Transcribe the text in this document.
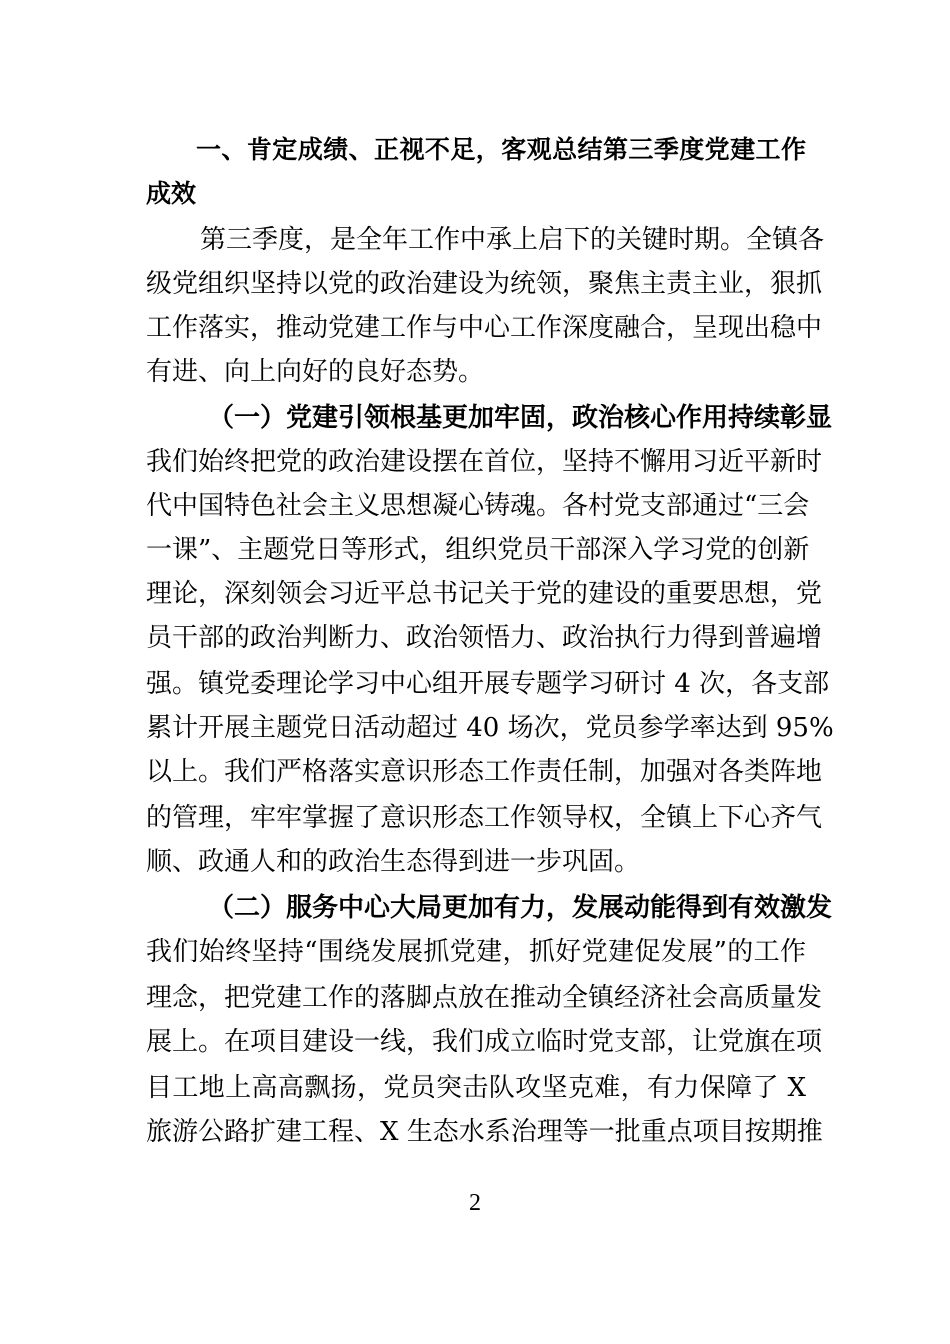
一、肯定成绩、正视不足，客观总结第三季度党建工作
成效
第三季度，是全年工作中承上启下的关键时期。全镇各
级党组织坚持以党的政治建设为统领，聚焦主责主业，狠抓
工作落实，推动党建工作与中心工作深度融合，呈现出稳中
有进、向上向好的良好态势。
（一）党建引领根基更加牢固，政治核心作用持续彰显
我们始终把党的政治建设摆在首位，坚持不懈用习近平新时
代中国特色社会主义思想凝心铸魂。各村党支部通过“三会
一课”、主题党日等形式，组织党员干部深入学习党的创新
理论，深刻领会习近平总书记关于党的建设的重要思想，党
员干部的政治判断力、政治领悟力、政治执行力得到普遍增
强。镇党委理论学习中心组开展专题学习研讨 4 次，各支部
累计开展主题党日活动超过 40 场次，党员参学率达到 95%
以上。我们严格落实意识形态工作责任制，加强对各类阵地
的管理，牢牢掌握了意识形态工作领导权，全镇上下心齐气
顺、政通人和的政治生态得到进一步巩固。
（二）服务中心大局更加有力，发展动能得到有效激发
我们始终坚持“围绕发展抓党建，抓好党建促发展”的工作
理念，把党建工作的落脚点放在推动全镇经济社会高质量发
展上。在项目建设一线，我们成立临时党支部，让党旗在项
目工地上高高飘扬，党员突击队攻坚克难，有力保障了 X
旅游公路扩建工程、X 生态水系治理等一批重点项目按期推
2
